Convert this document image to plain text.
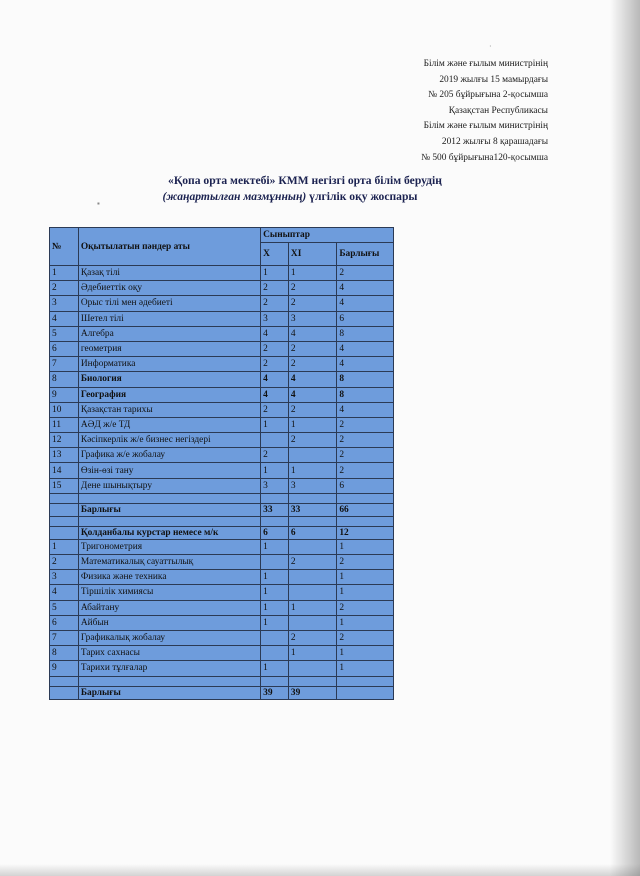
Білім және ғылым министрінің
2019 жылғы 15 мамырдағы
№ 205 бұйрығына 2-қосымша
Қазақстан Республикасы
Білім және ғылым министрінің
2012 жылғы 8 қарашадағы
№ 500 бұйрығына120-қосымша
«Қопа орта мектебі» КММ негізгі орта білім берудің
(жаңартылған мазмұнның) үлгілік оқу жоспары
№	Оқытылатын пәндер аты	Сыныптар		
		X	XI	Барлығы
1	Қазақ тілі	1	1	2
2	Әдебиеттік оқу	2	2	4
3	Орыс тілі мен әдебиеті	2	2	4
4	Шетел тілі	3	3	6
5	Алгебра	4	4	8
6	геометрия	2	2	4
7	Информатика	2	2	4
8	Биология	4	4	8
9	География	4	4	8
10	Қазақстан тарихы	2	2	4
11	АӘД ж/е ТД	1	1	2
12	Кәсіпкерлік ж/е бизнес негіздері		2	2
13	Графика ж/е жобалау	2		2
14	Өзін-өзі тану	1	1	2
15	Дене шынықтыру	3	3	6

	Барлығы	33	33	66

	Қолданбалы курстар немесе м/к	6	6	12
1	Тригонометрия	1		1
2	Математикалық сауаттылық		2	2
3	Физика және техника	1		1
4	Тіршілік химиясы	1		1
5	Абайтану	1	1	2
6	Айбын	1		1
7	Графикалық жобалау		2	2
8	Тарих сахнасы		1	1
9	Тарихи тұлғалар	1		1

	Барлығы	39	39	
▪
·
